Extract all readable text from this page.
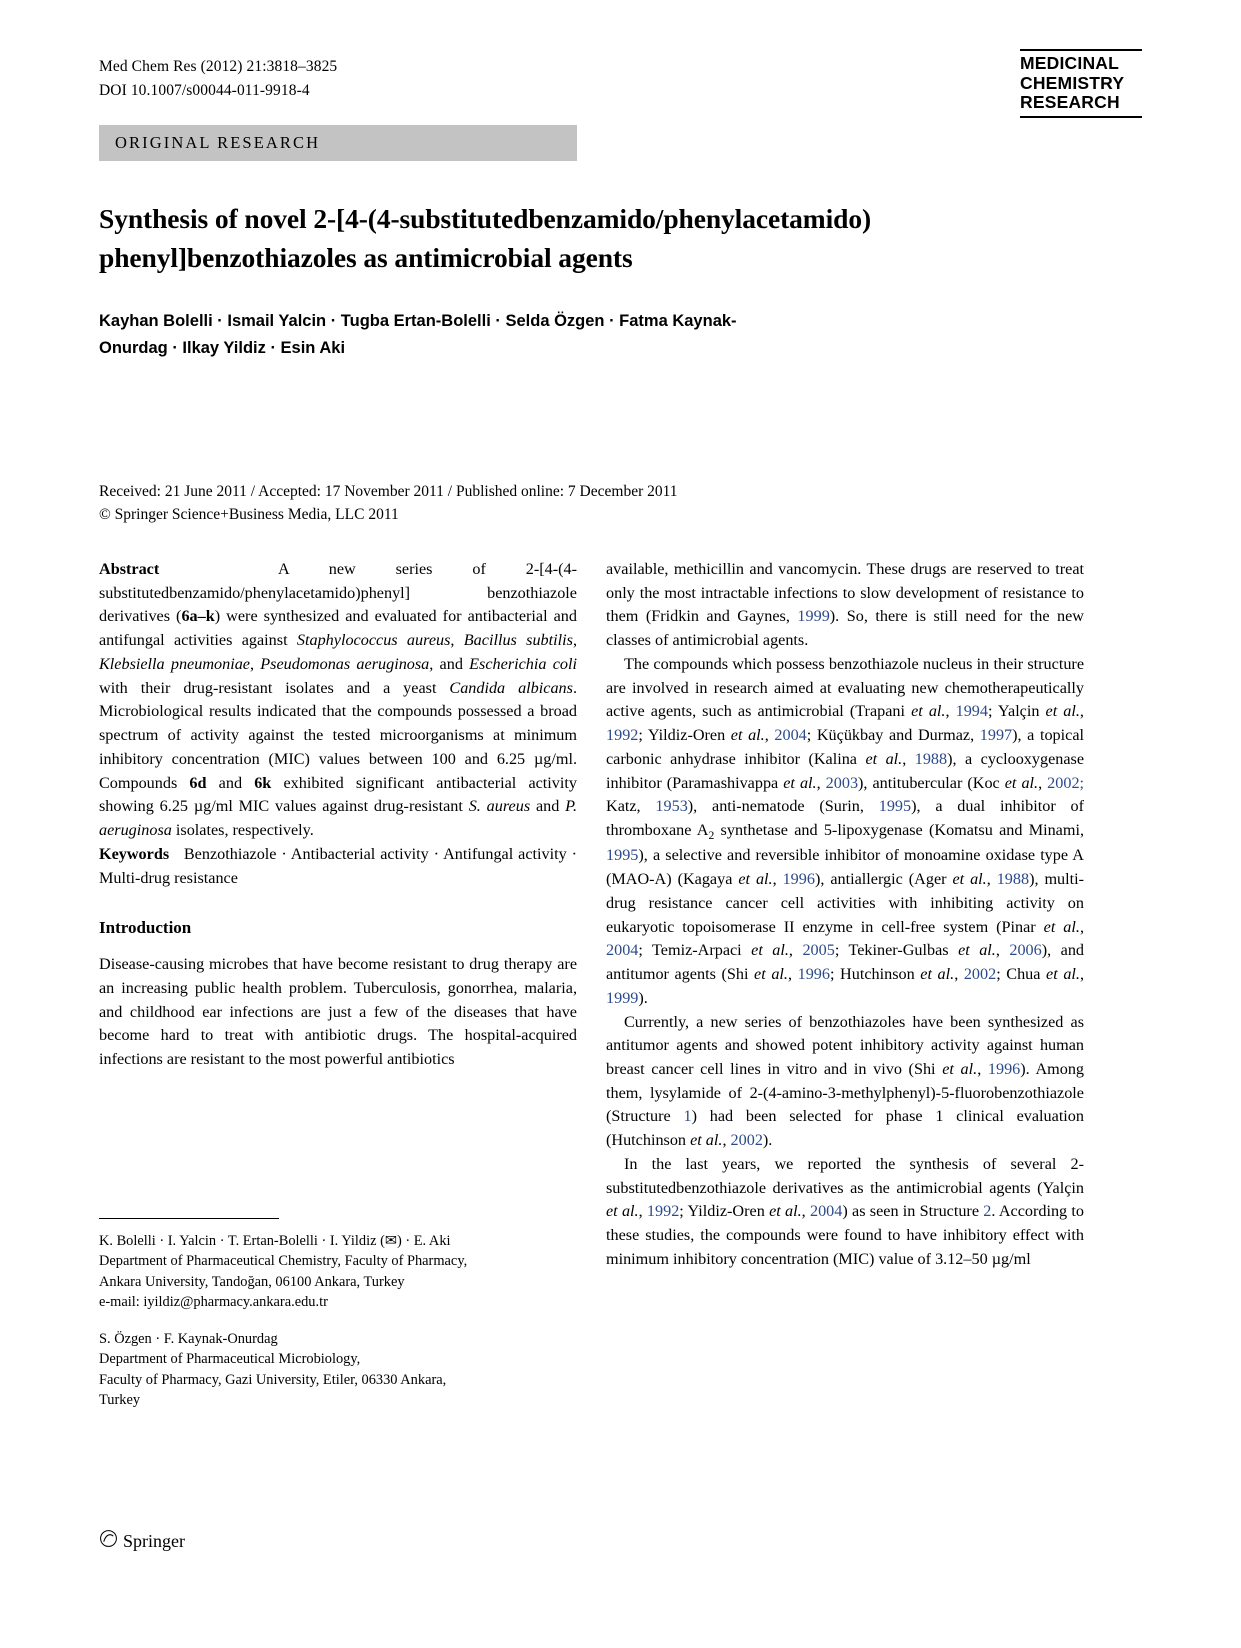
Med Chem Res (2012) 21:3818–3825
DOI 10.1007/s00044-011-9918-4
MEDICINAL
CHEMISTRY
RESEARCH
ORIGINAL RESEARCH
Synthesis of novel 2-[4-(4-substitutedbenzamido/phenylacetamido) phenyl]benzothiazoles as antimicrobial agents
Kayhan Bolelli · Ismail Yalcin · Tugba Ertan-Bolelli · Selda Özgen · Fatma Kaynak-Onurdag · Ilkay Yildiz · Esin Aki
Received: 21 June 2011 / Accepted: 17 November 2011 / Published online: 7 December 2011
© Springer Science+Business Media, LLC 2011

Abstract   A new series of 2-[4-(4-substitutedbenzamido/phenylacetamido)phenyl] benzothiazole derivatives (6a–k) were synthesized and evaluated for antibacterial and antifungal activities against Staphylococcus aureus, Bacillus subtilis, Klebsiella pneumoniae, Pseudomonas aeruginosa, and Escherichia coli with their drug-resistant isolates and a yeast Candida albicans. Microbiological results indicated that the compounds possessed a broad spectrum of activity against the tested microorganisms at minimum inhibitory concentration (MIC) values between 100 and 6.25 µg/ml. Compounds 6d and 6k exhibited significant antibacterial activity showing 6.25 µg/ml MIC values against drug-resistant S. aureus and P. aeruginosa isolates, respectively.

Keywords   Benzothiazole · Antibacterial activity · Antifungal activity · Multi-drug resistance

Introduction

Disease-causing microbes that have become resistant to drug therapy are an increasing public health problem. Tuberculosis, gonorrhea, malaria, and childhood ear infections are just a few of the diseases that have become hard to treat with antibiotic drugs. The hospital-acquired infections are resistant to the most powerful antibiotics

available, methicillin and vancomycin. These drugs are reserved to treat only the most intractable infections to slow development of resistance to them (Fridkin and Gaynes, 1999). So, there is still need for the new classes of antimicrobial agents.

The compounds which possess benzothiazole nucleus in their structure are involved in research aimed at evaluating new chemotherapeutically active agents, such as antimicrobial (Trapani et al., 1994; Yalçin et al., 1992; Yildiz-Oren et al., 2004; Küçükbay and Durmaz, 1997), a topical carbonic anhydrase inhibitor (Kalina et al., 1988), a cyclooxygenase inhibitor (Paramashivappa et al., 2003), antitubercular (Koc et al., 2002; Katz, 1953), anti-nematode (Surin, 1995), a dual inhibitor of thromboxane $A_2$ synthetase and 5-lipoxygenase (Komatsu and Minami, 1995), a selective and reversible inhibitor of monoamine oxidase type A (MAO-A) (Kagaya et al., 1996), antiallergic (Ager et al., 1988), multi-drug resistance cancer cell activities with inhibiting activity on eukaryotic topoisomerase II enzyme in cell-free system (Pinar et al., 2004; Temiz-Arpaci et al., 2005; Tekiner-Gulbas et al., 2006), and antitumor agents (Shi et al., 1996; Hutchinson et al., 2002; Chua et al., 1999).

Currently, a new series of benzothiazoles have been synthesized as antitumor agents and showed potent inhibitory activity against human breast cancer cell lines in vitro and in vivo (Shi et al., 1996). Among them, lysylamide of 2-(4-amino-3-methylphenyl)-5-fluorobenzothiazole (Structure 1) had been selected for phase 1 clinical evaluation (Hutchinson et al., 2002).

In the last years, we reported the synthesis of several 2-substitutedbenzothiazole derivatives as the antimicrobial agents (Yalçin et al., 1992; Yildiz-Oren et al., 2004) as seen in Structure 2. According to these studies, the compounds were found to have inhibitory effect with minimum inhibitory concentration (MIC) value of 3.12–50 µg/ml

K. Bolelli · I. Yalcin · T. Ertan-Bolelli · I. Yildiz (✉) · E. Aki
Department of Pharmaceutical Chemistry, Faculty of Pharmacy,
Ankara University, Tandoğan, 06100 Ankara, Turkey
e-mail: iyildiz@pharmacy.ankara.edu.tr
S. Özgen · F. Kaynak-Onurdag
Department of Pharmaceutical Microbiology,
Faculty of Pharmacy, Gazi University, Etiler, 06330 Ankara,
Turkey
Springer
